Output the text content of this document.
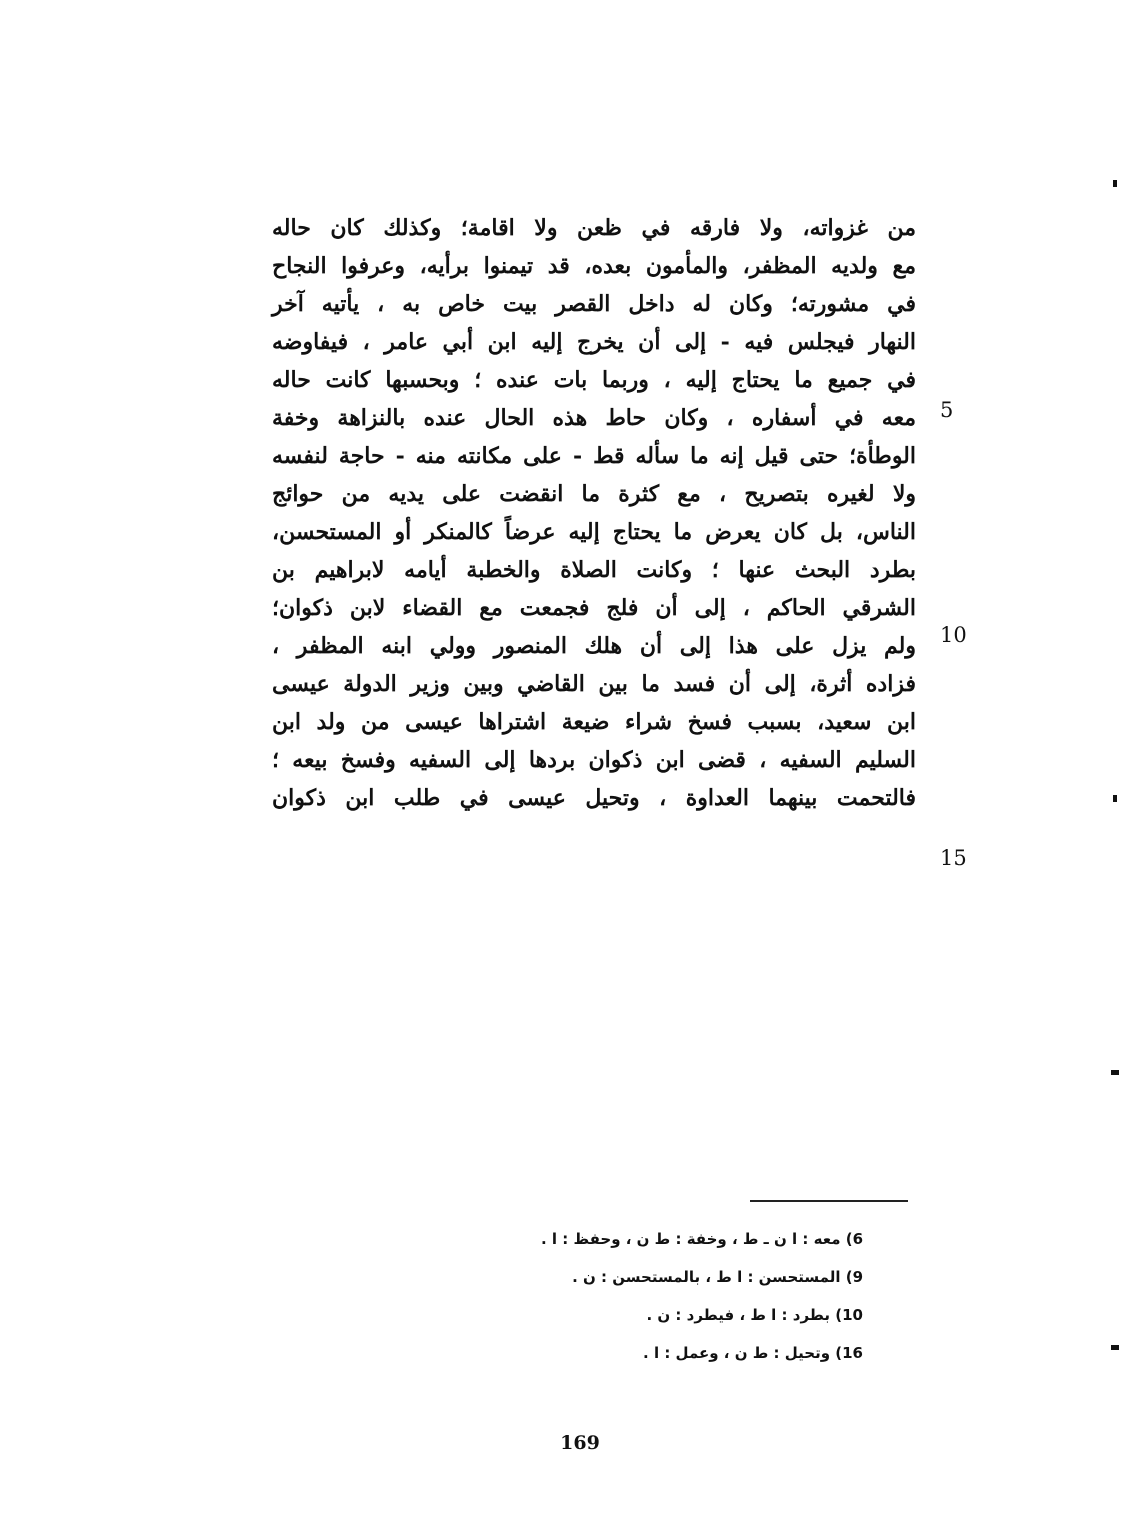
من غزواته، ولا فارقه في ظعن ولا اقامة؛ وكذلك كان حاله
مع ولديه المظفر، والمأمون بعده، قد تيمنوا برأيه، وعرفوا النجاح
في مشورته؛ وكان له داخل القصر بيت خاص به ، يأتيه آخر
النهار فيجلس فيه - إلى أن يخرج إليه ابن أبي عامر ، فيفاوضه
في جميع ما يحتاج إليه ، وربما بات عنده ؛ وبحسبها كانت حاله
معه في أسفاره ، وكان حاط هذه الحال عنده بالنزاهة وخفة
الوطأة؛ حتى قيل إنه ما سأله قط - على مكانته منه - حاجة لنفسه
ولا لغيره بتصريح ، مع كثرة ما انقضت على يديه من حوائج
الناس، بل كان يعرض ما يحتاج إليه عرضاً كالمنكر أو المستحسن،
بطرد البحث عنها ؛ وكانت الصلاة والخطبة أيامه لابراهيم بن
الشرقي الحاكم ، إلى أن فلج فجمعت مع القضاء لابن ذكوان؛
ولم يزل على هذا إلى أن هلك المنصور وولي ابنه المظفر ،
فزاده أثرة، إلى أن فسد ما بين القاضي وبين وزير الدولة عيسى
ابن سعيد، بسبب فسخ شراء ضيعة اشتراها عيسى من ولد ابن
السليم السفيه ، قضى ابن ذكوان بردها إلى السفيه وفسخ بيعه ؛
فالتحمت بينهما العداوة ، وتحيل عيسى في طلب ابن ذكوان
5
10
15
6) معه : ا ن ـ ط ، وخفة : ط ن ، وحفظ : ا .
9) المستحسن : ا ط ، بالمستحسن : ن .
10) بطرد : ا ط ، فيطرد : ن .
16) وتحيل : ط ن ، وعمل : ا .
169
